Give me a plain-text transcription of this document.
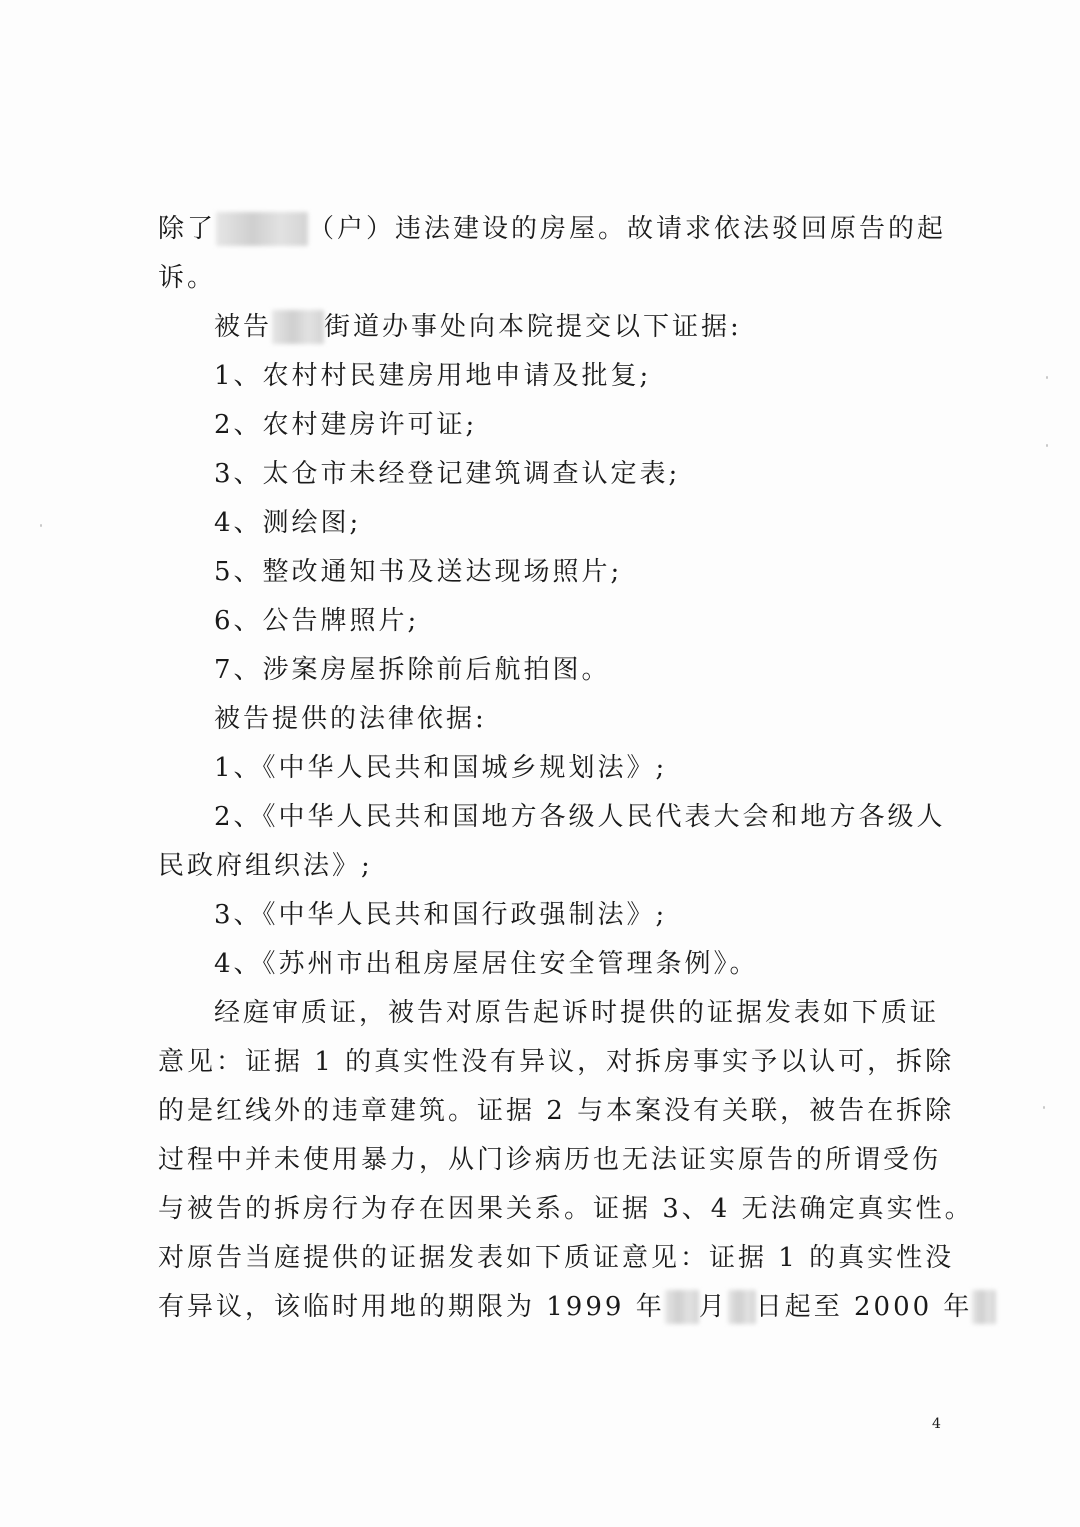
除了	（户）违法建设的房屋。故请求依法驳回原告的起
诉。
被告 街道办事处向本院提交以下证据:
1、农村村民建房用地申请及批复;
2、农村建房许可证;
3、太仓市未经登记建筑调查认定表;
4、测绘图;
5、整改通知书及送达现场照片;
6、公告牌照片;
7、涉案房屋拆除前后航拍图。
被告提供的法律依据:
1、《中华人民共和国城乡规划法》;
2、《中华人民共和国地方各级人民代表大会和地方各级人
民政府组织法》;
3、《中华人民共和国行政强制法》;
4、《苏州市出租房屋居住安全管理条例》。
经庭审质证，被告对原告起诉时提供的证据发表如下质证
意见：证据 1 的真实性没有异议，对拆房事实予以认可，拆除
的是红线外的违章建筑。证据 2 与本案没有关联，被告在拆除
过程中并未使用暴力，从门诊病历也无法证实原告的所谓受伤
与被告的拆房行为存在因果关系。证据 3、4 无法确定真实性。
对原告当庭提供的证据发表如下质证意见：证据 1 的真实性没
有异议，该临时用地的期限为 1999 年 月 日起至 2000 年
4
